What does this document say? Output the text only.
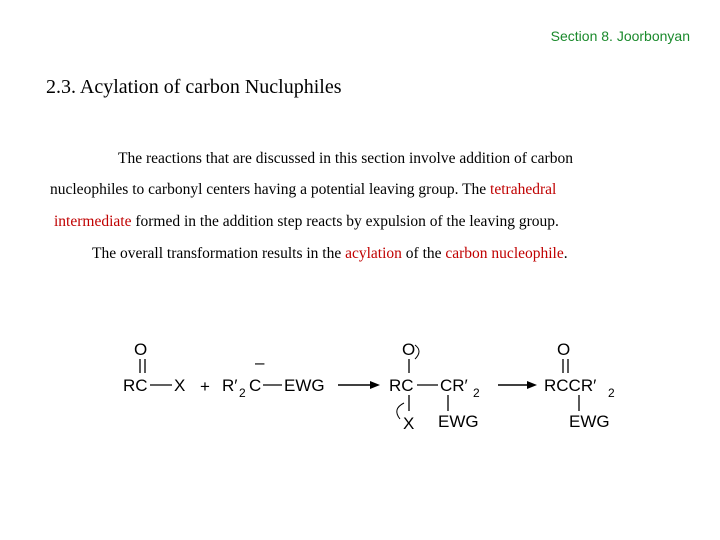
Section 8. Joorbonyan
2.3. Acylation of carbon Nucluphiles
The reactions that are discussed in this section involve addition of carbon
nucleophiles to carbonyl centers having a potential leaving group. The tetrahedral
intermediate formed in the addition step reacts by expulsion of the leaving group.
The overall transformation results in the acylation of the carbon nucleophile.
O
RC X + R′ 2 C
–
EWG
O
RC CR′ 2
X EWG
O
RCCR′ 2
EWG
